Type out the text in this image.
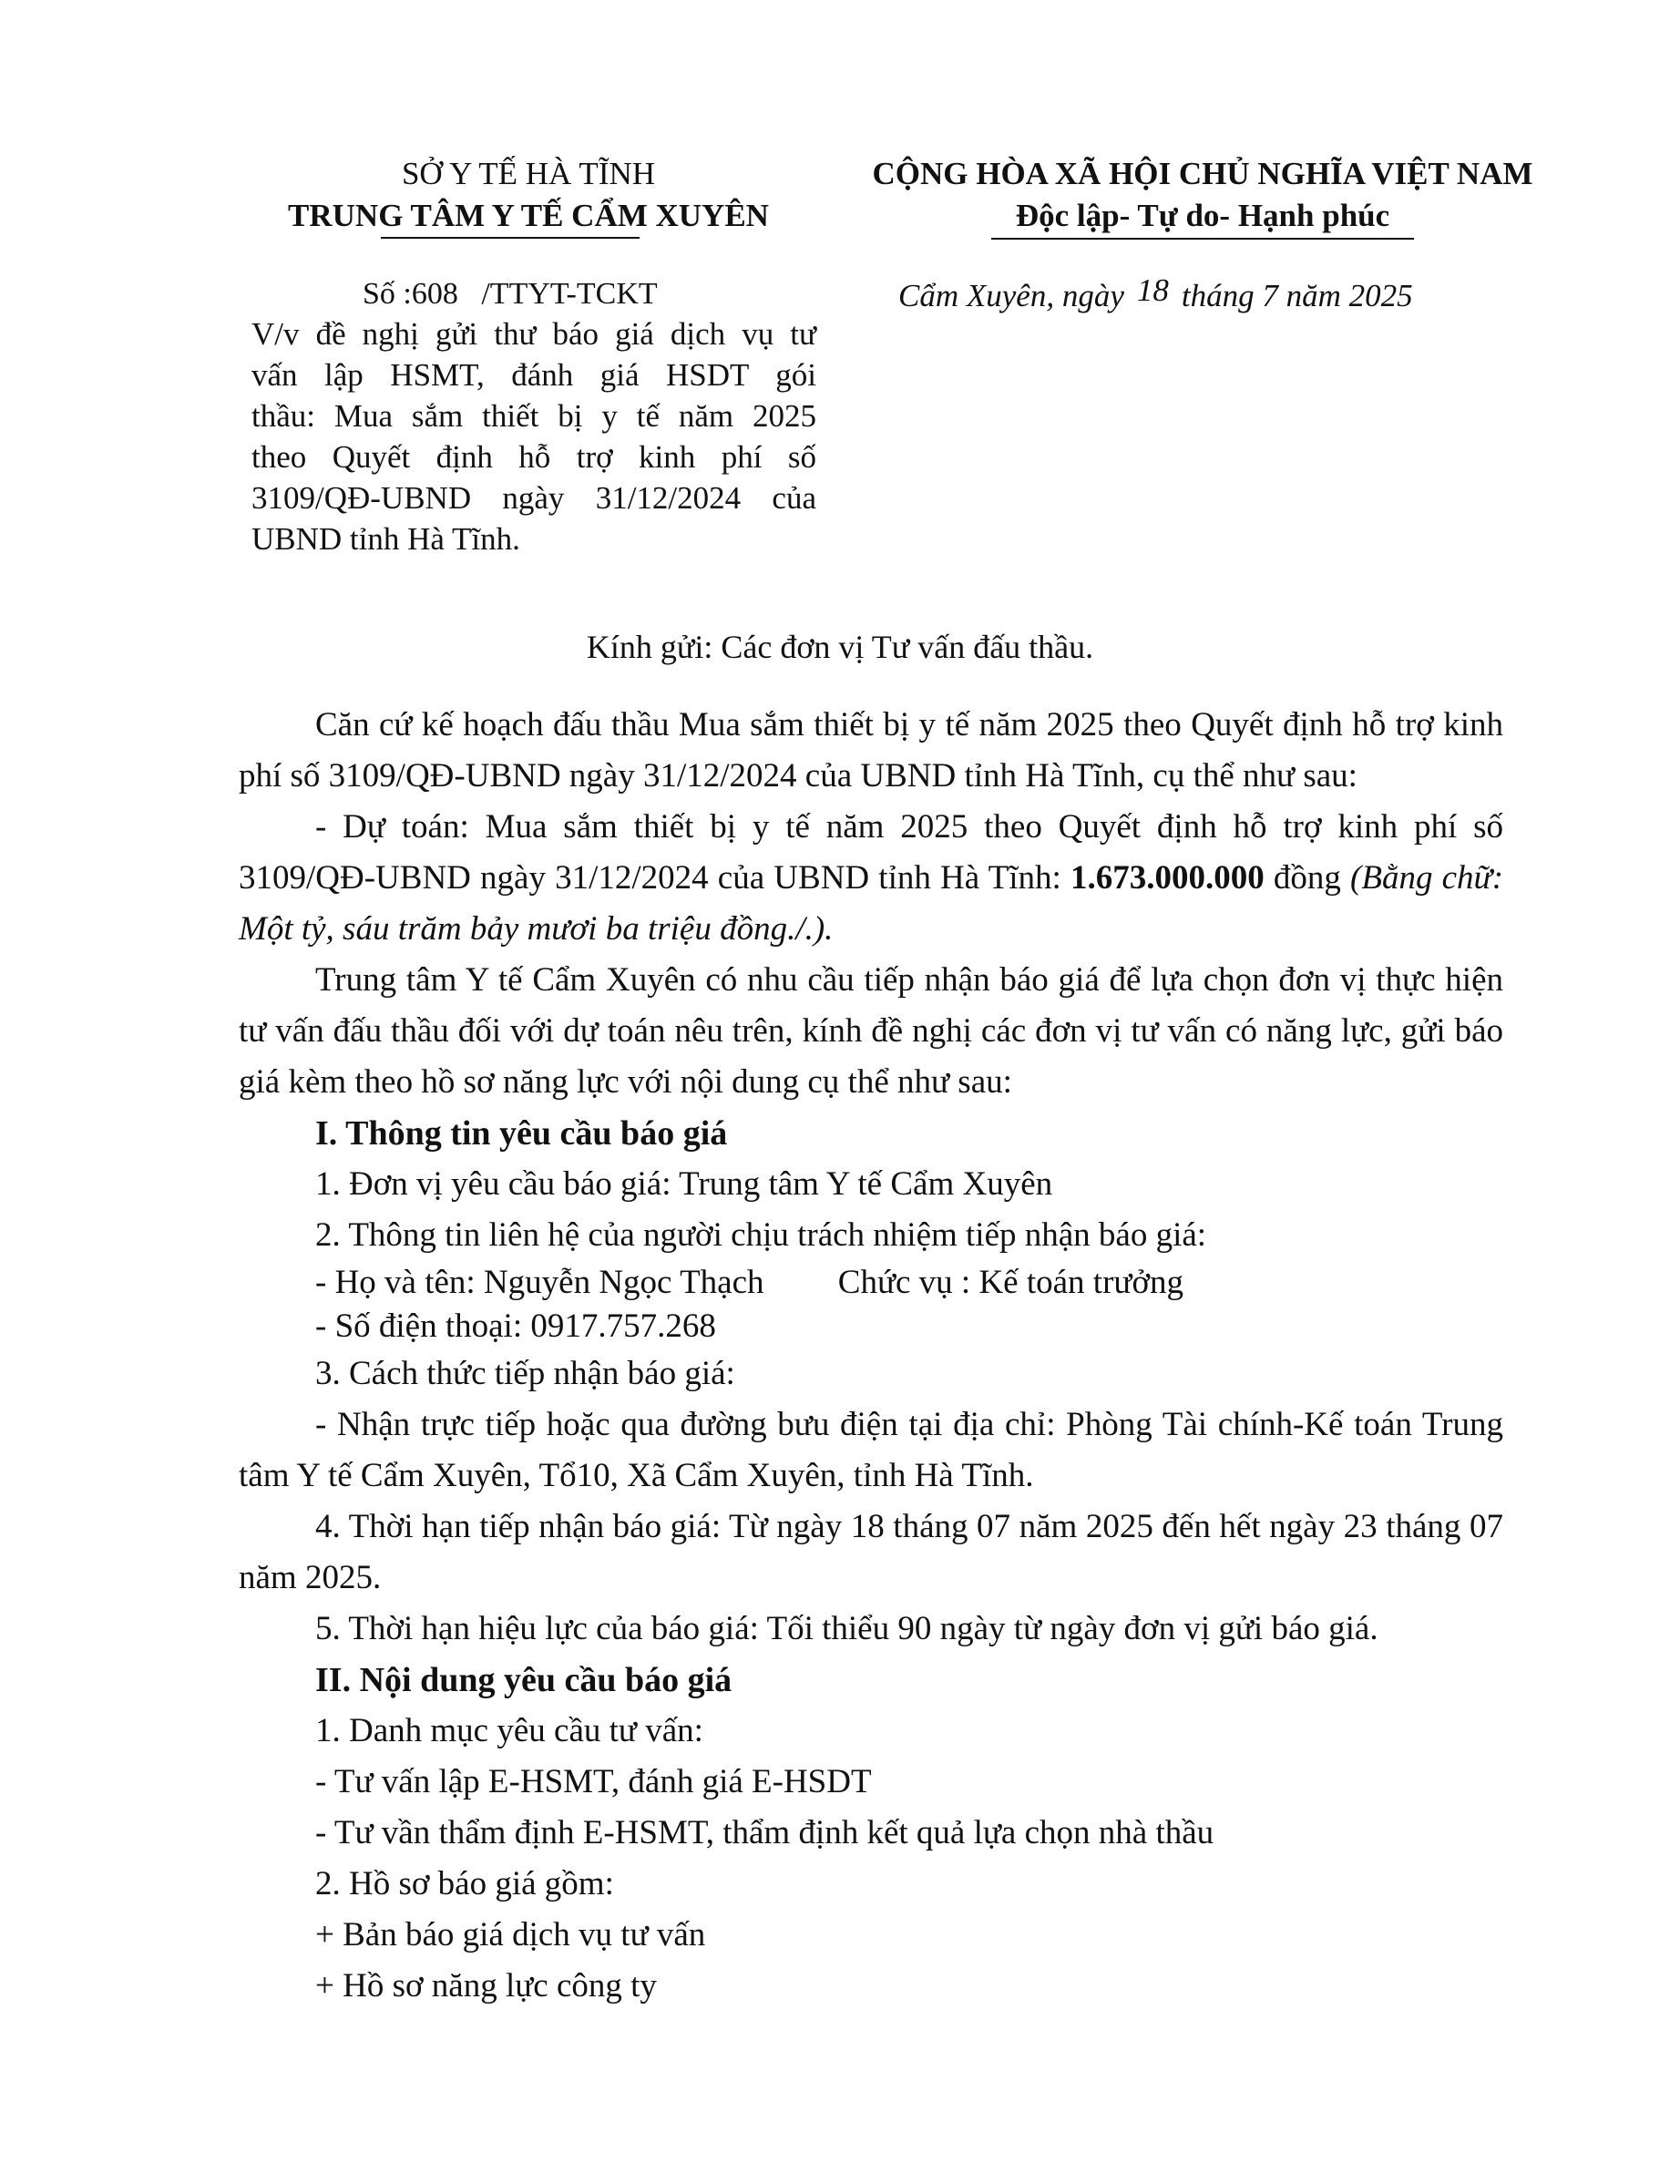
SỞ Y TẾ HÀ TĨNH
TRUNG TÂM Y TẾ CẨM XUYÊN
CỘNG HÒA XÃ HỘI CHỦ NGHĨA VIỆT NAM
Độc lập- Tự do- Hạnh phúc
Số :608 /TTYT-TCKT	Cẩm Xuyên, ngày 18 tháng 7 năm 2025
V/v đề nghị gửi thư báo giá dịch vụ tư
vấn lập HSMT, đánh giá HSDT gói
thầu: Mua sắm thiết bị y tế năm 2025
theo Quyết định hỗ trợ kinh phí số
3109/QĐ-UBND ngày 31/12/2024 của
UBND tỉnh Hà Tĩnh.
Kính gửi: Các đơn vị Tư vấn đấu thầu.

Căn cứ kế hoạch đấu thầu Mua sắm thiết bị y tế năm 2025 theo Quyết định hỗ trợ kinh phí số 3109/QĐ-UBND ngày 31/12/2024 của UBND tỉnh Hà Tĩnh, cụ thể như sau:

- Dự toán: Mua sắm thiết bị y tế năm 2025 theo Quyết định hỗ trợ kinh phí số 3109/QĐ-UBND ngày 31/12/2024 của UBND tỉnh Hà Tĩnh: 1.673.000.000 đồng (Bằng chữ: Một tỷ, sáu trăm bảy mươi ba triệu đồng./.).

Trung tâm Y tế Cẩm Xuyên có nhu cầu tiếp nhận báo giá để lựa chọn đơn vị thực hiện tư vấn đấu thầu đối với dự toán nêu trên, kính đề nghị các đơn vị tư vấn có năng lực, gửi báo giá kèm theo hồ sơ năng lực với nội dung cụ thể như sau:

I. Thông tin yêu cầu báo giá

1. Đơn vị yêu cầu báo giá: Trung tâm Y tế Cẩm Xuyên

2. Thông tin liên hệ của người chịu trách nhiệm tiếp nhận báo giá:

- Họ và tên: Nguyễn Ngọc Thạch Chức vụ : Kế toán trưởng

- Số điện thoại: 0917.757.268

3. Cách thức tiếp nhận báo giá:

- Nhận trực tiếp hoặc qua đường bưu điện tại địa chỉ: Phòng Tài chính-Kế toán Trung tâm Y tế Cẩm Xuyên, Tổ10, Xã Cẩm Xuyên, tỉnh Hà Tĩnh.

4. Thời hạn tiếp nhận báo giá: Từ ngày 18 tháng 07 năm 2025 đến hết ngày 23 tháng 07 năm 2025.

5. Thời hạn hiệu lực của báo giá: Tối thiểu 90 ngày từ ngày đơn vị gửi báo giá.

II. Nội dung yêu cầu báo giá

1. Danh mục yêu cầu tư vấn:

- Tư vấn lập E-HSMT, đánh giá E-HSDT

- Tư vần thẩm định E-HSMT, thẩm định kết quả lựa chọn nhà thầu

2. Hồ sơ báo giá gồm:

+ Bản báo giá dịch vụ tư vấn

+ Hồ sơ năng lực công ty
